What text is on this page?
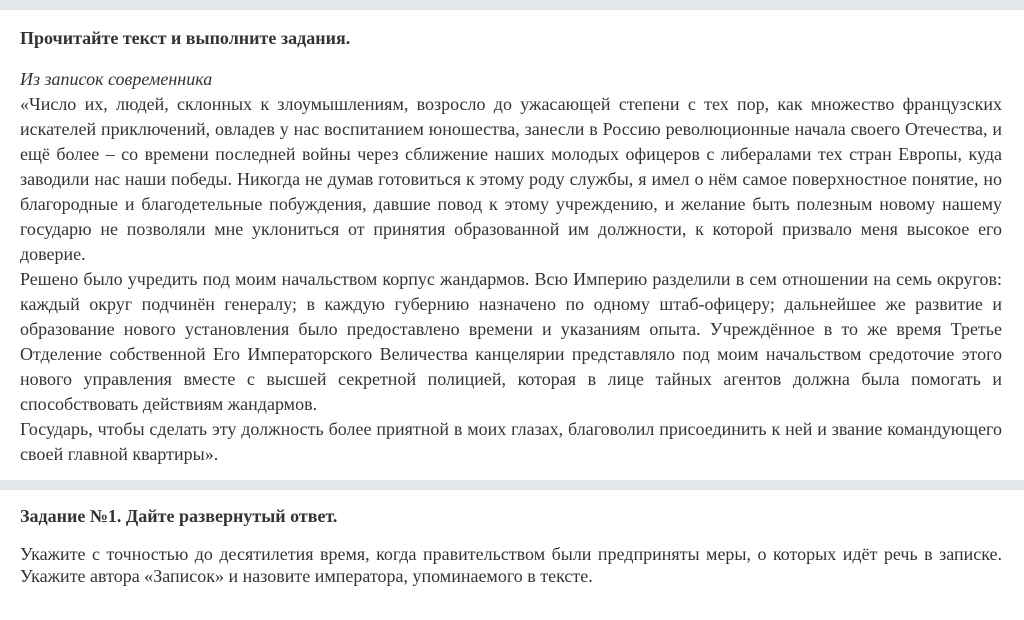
Прочитайте текст и выполните задания.
Из записок современника

«Число их, людей, склонных к злоумышлениям, возросло до ужасающей степени с тех пор, как множество французских искателей приключений, овладев у нас воспитанием юношества, занесли в Россию революционные начала своего Отечества, и ещё более – со времени последней войны через сближение наших молодых офицеров с либералами тех стран Европы, куда заводили нас наши победы. Никогда не думав готовиться к этому роду службы, я имел о нём самое поверхностное понятие, но благородные и благодетельные побуждения, давшие повод к этому учреждению, и желание быть полезным новому нашему государю не позволяли мне уклониться от принятия образованной им должности, к которой призвало меня высокое его доверие.

Решено было учредить под моим начальством корпус жандармов. Всю Империю разделили в сем отношении на семь округов: каждый округ подчинён генералу; в каждую губернию назначено по одному штаб-офицеру; дальнейшее же развитие и образование нового установления было предоставлено времени и указаниям опыта. Учреждённое в то же время Третье Отделение собственной Его Императорского Величества канцелярии представляло под моим начальством средоточие этого нового управления вместе с высшей секретной полицией, которая в лице тайных агентов должна была помогать и способствовать действиям жандармов.

Государь, чтобы сделать эту должность более приятной в моих глазах, благоволил присоединить к ней и звание командующего своей главной квартиры».

Задание №1. Дайте развернутый ответ.

Укажите с точностью до десятилетия время, когда правительством были предприняты меры, о которых идёт речь в записке. Укажите автора «Записок» и назовите императора, упоминаемого в тексте.
